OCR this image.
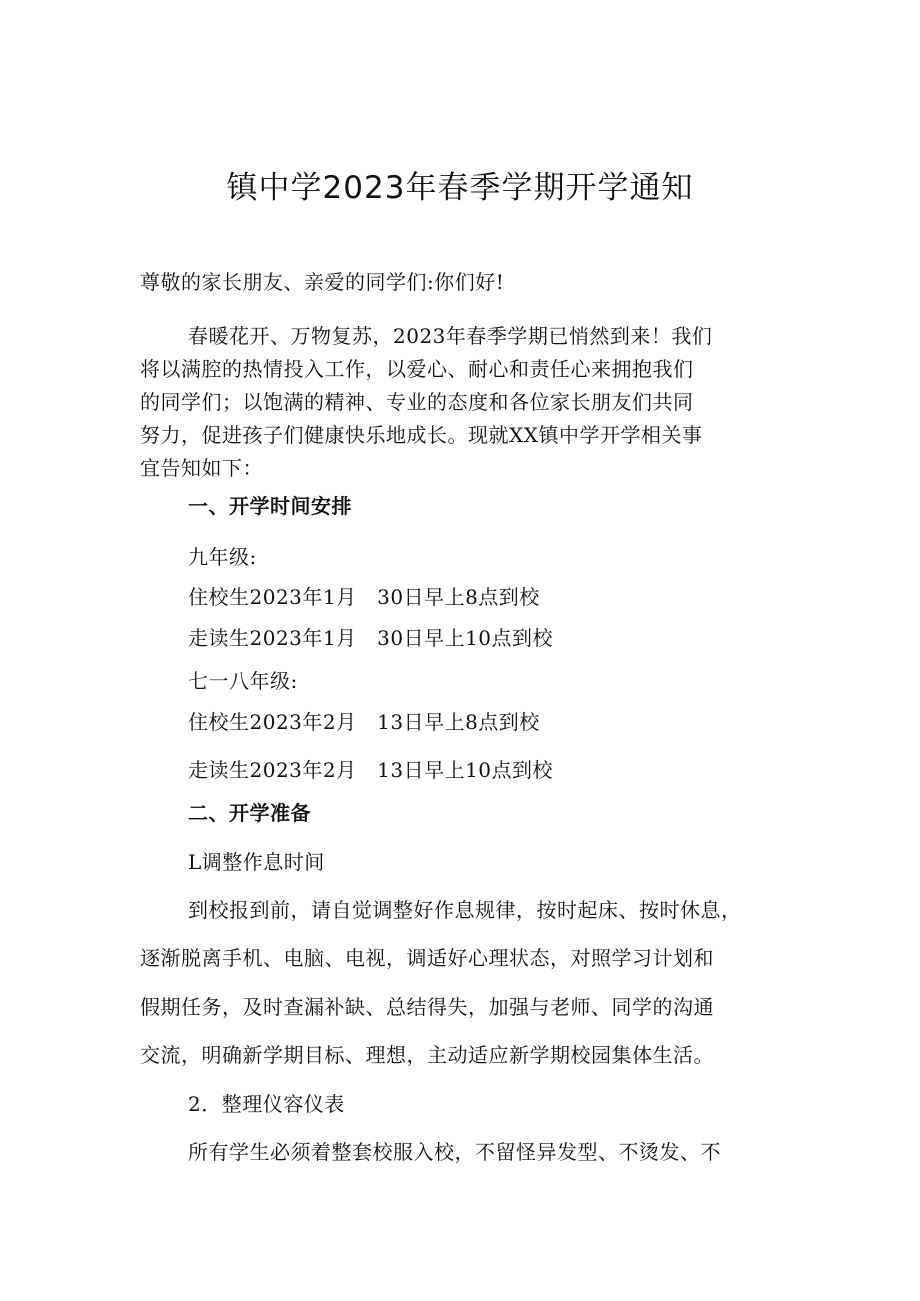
镇中学2023年春季学期开学通知
尊敬的家长朋友、亲爱的同学们:你们好!
春暖花开、万物复苏，2023年春季学期已悄然到来！我们
将以满腔的热情投入工作，以爱心、耐心和责任心来拥抱我们
的同学们；以饱满的精神、专业的态度和各位家长朋友们共同
努力，促进孩子们健康快乐地成长。现就XX镇中学开学相关事
宜告知如下：
一、开学时间安排
九年级:
住校生2023年1月　30日早上8点到校
走读生2023年1月　30日早上10点到校
七一八年级:
住校生2023年2月　13日早上8点到校
走读生2023年2月　13日早上10点到校
二、开学准备
L调整作息时间
到校报到前，请自觉调整好作息规律，按时起床、按时休息，
逐渐脱离手机、电脑、电视，调适好心理状态，对照学习计划和
假期任务，及时查漏补缺、总结得失，加强与老师、同学的沟通
交流，明确新学期目标、理想，主动适应新学期校园集体生活。
2．整理仪容仪表
所有学生必须着整套校服入校，不留怪异发型、不烫发、不
